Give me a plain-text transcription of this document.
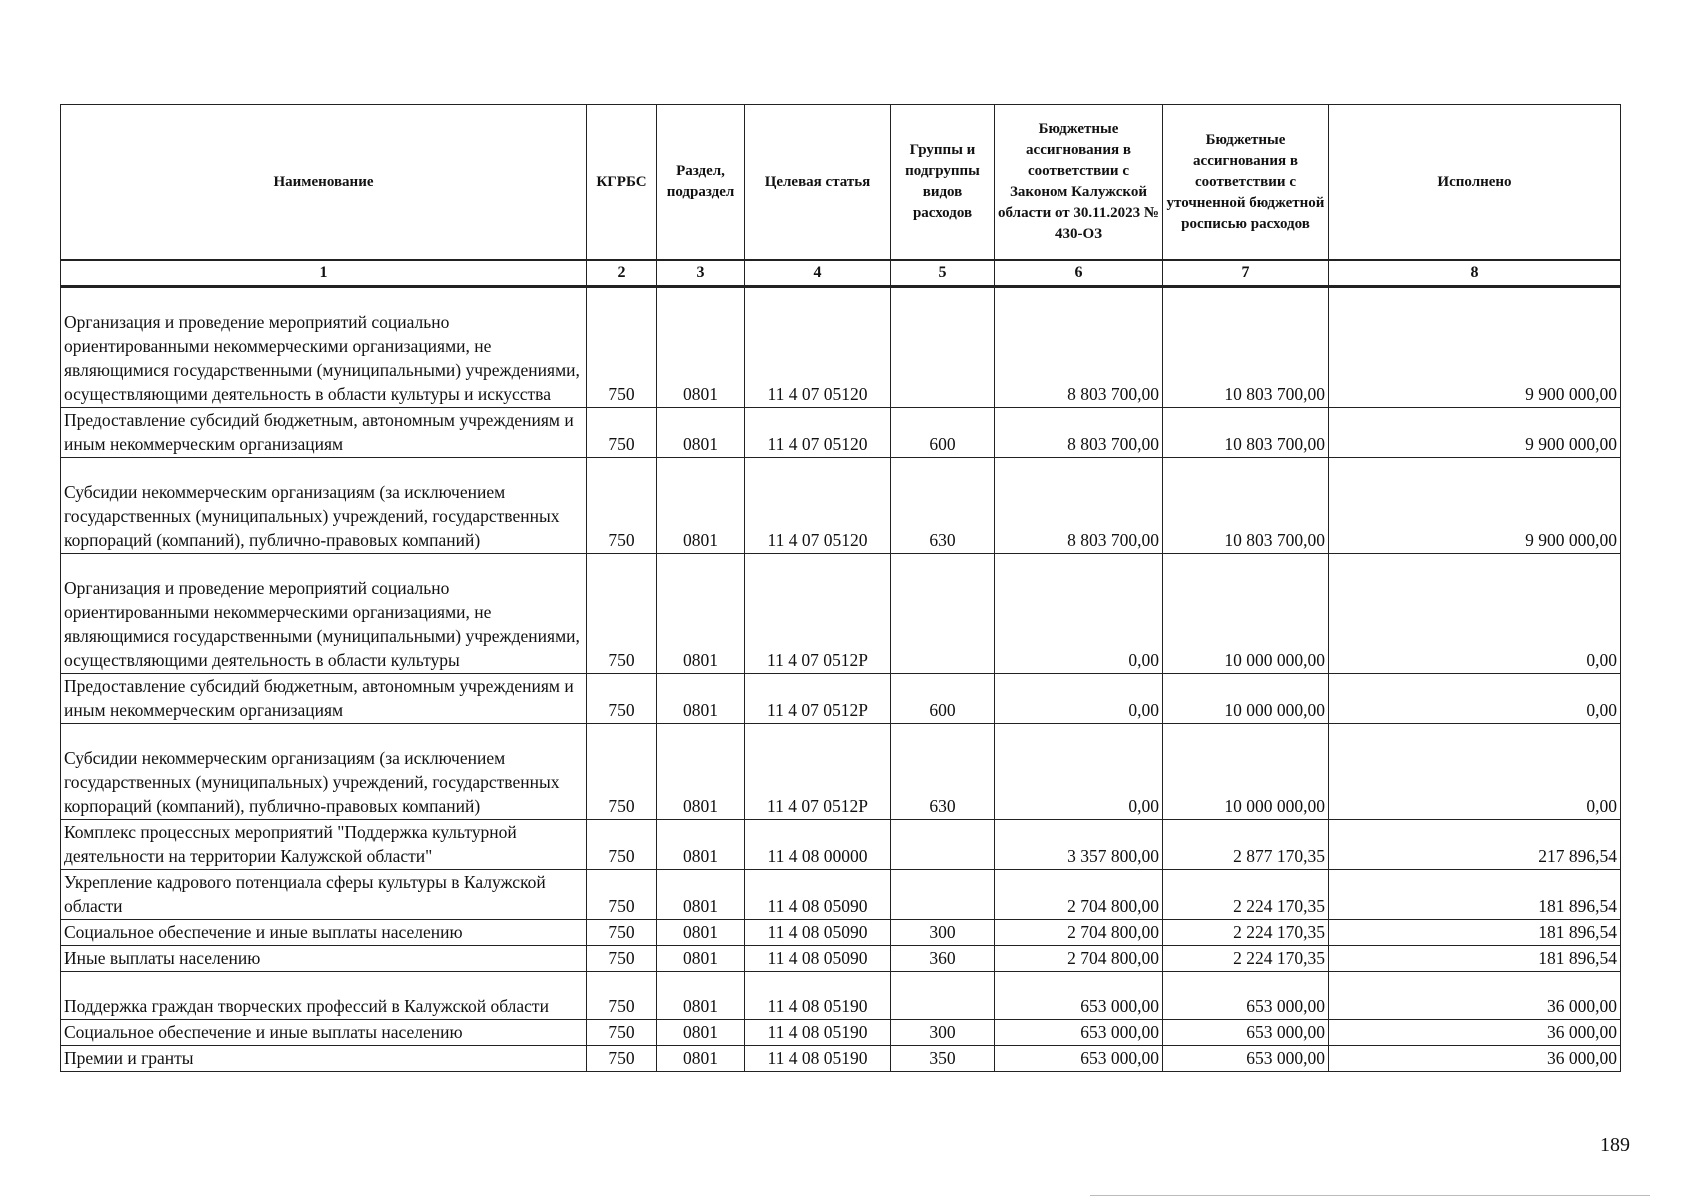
Наименование	КГРБС	Раздел, подраздел	Целевая статья	Группы и подгруппы видов расходов	Бюджетные ассигнования в соответствии с Законом Калужской области от 30.11.2023 № 430-ОЗ	Бюджетные ассигнования в соответствии с уточненной бюджетной росписью расходов	Исполнено
1	2	3	4	5	6	7	8
Организация и проведение мероприятий социально ориентированными некоммерческими организациями, не являющимися государственными (муниципальными) учреждениями, осуществляющими деятельность в области культуры и искусства	750	0801	11 4 07 05120		8 803 700,00	10 803 700,00	9 900 000,00
Предоставление субсидий бюджетным, автономным учреждениям и иным некоммерческим организациям	750	0801	11 4 07 05120	600	8 803 700,00	10 803 700,00	9 900 000,00
Субсидии некоммерческим организациям (за исключением государственных (муниципальных) учреждений, государственных корпораций (компаний), публично-правовых компаний)	750	0801	11 4 07 05120	630	8 803 700,00	10 803 700,00	9 900 000,00
Организация и проведение мероприятий социально ориентированными некоммерческими организациями, не являющимися государственными (муниципальными) учреждениями, осуществляющими деятельность в области культуры	750	0801	11 4 07 0512Р		0,00	10 000 000,00	0,00
Предоставление субсидий бюджетным, автономным учреждениям и иным некоммерческим организациям	750	0801	11 4 07 0512Р	600	0,00	10 000 000,00	0,00
Субсидии некоммерческим организациям (за исключением государственных (муниципальных) учреждений, государственных корпораций (компаний), публично-правовых компаний)	750	0801	11 4 07 0512Р	630	0,00	10 000 000,00	0,00
Комплекс процессных мероприятий "Поддержка культурной деятельности на территории Калужской области"	750	0801	11 4 08 00000		3 357 800,00	2 877 170,35	217 896,54
Укрепление кадрового потенциала сферы культуры в Калужской области	750	0801	11 4 08 05090		2 704 800,00	2 224 170,35	181 896,54
Социальное обеспечение и иные выплаты населению	750	0801	11 4 08 05090	300	2 704 800,00	2 224 170,35	181 896,54
Иные выплаты населению	750	0801	11 4 08 05090	360	2 704 800,00	2 224 170,35	181 896,54
Поддержка граждан творческих профессий в Калужской области	750	0801	11 4 08 05190		653 000,00	653 000,00	36 000,00
Социальное обеспечение и иные выплаты населению	750	0801	11 4 08 05190	300	653 000,00	653 000,00	36 000,00
Премии и гранты	750	0801	11 4 08 05190	350	653 000,00	653 000,00	36 000,00
189
